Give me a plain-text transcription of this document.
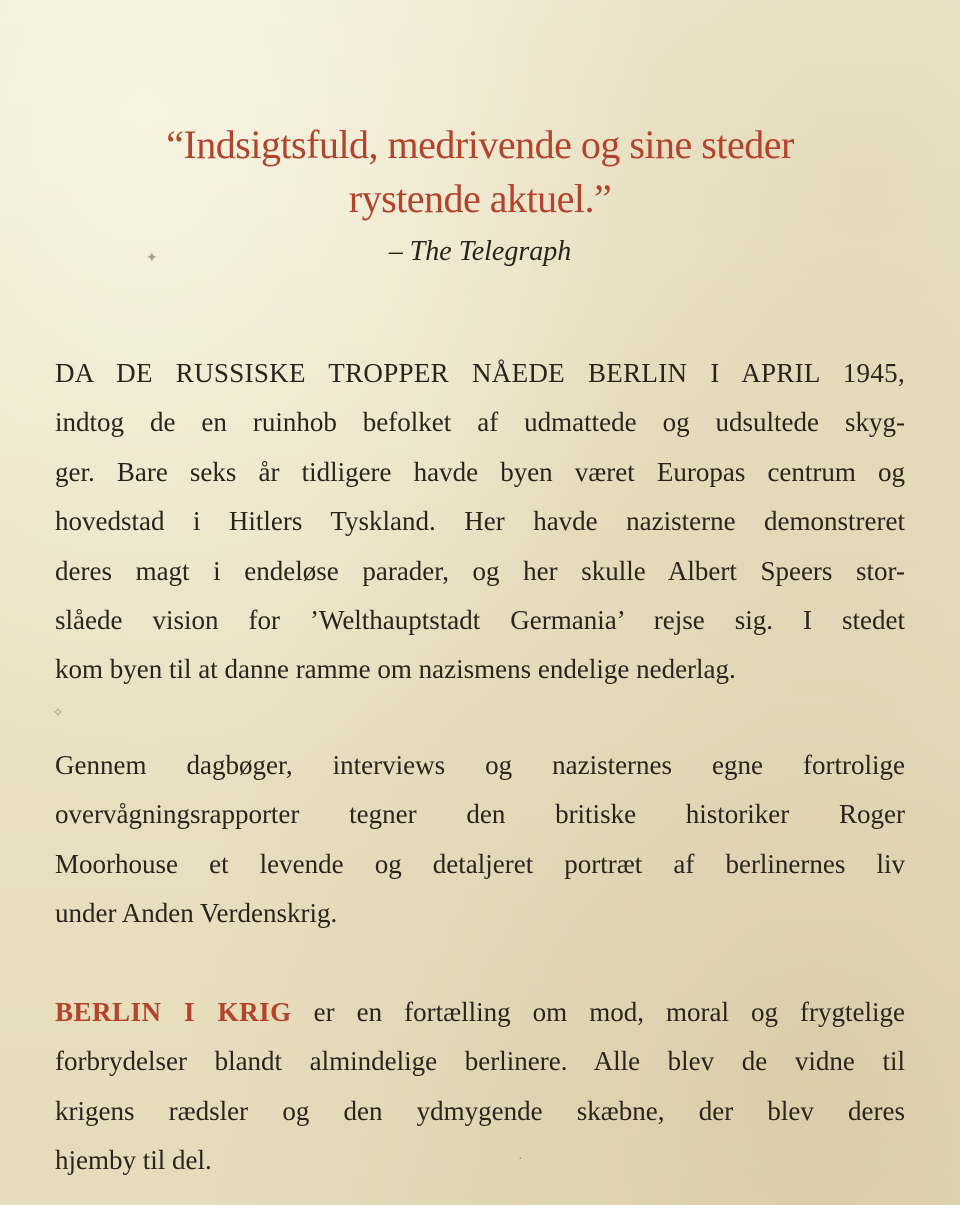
“Indsigtsfuld, medrivende og sine steder
rystende aktuel.”
– The Telegraph
DA DE RUSSISKE TROPPER NÅEDE BERLIN I APRIL 1945,
indtog de en ruinhob befolket af udmattede og udsultede skyg-
ger. Bare seks år tidligere havde byen været Europas centrum og
hovedstad i Hitlers Tyskland. Her havde nazisterne demonstreret
deres magt i endeløse parader, og her skulle Albert Speers stor-
slåede vision for ’Welthauptstadt Germania’ rejse sig. I stedet
kom byen til at danne ramme om nazismens endelige nederlag.
Gennem dagbøger, interviews og nazisternes egne fortrolige
overvågningsrapporter tegner den britiske historiker Roger
Moorhouse et levende og detaljeret portræt af berlinernes liv
under Anden Verdenskrig.
BERLIN I KRIG er en fortælling om mod, moral og frygtelige
forbrydelser blandt almindelige berlinere. Alle blev de vidne til
krigens rædsler og den ydmygende skæbne, der blev deres
hjemby til del.
✦
✧
·
